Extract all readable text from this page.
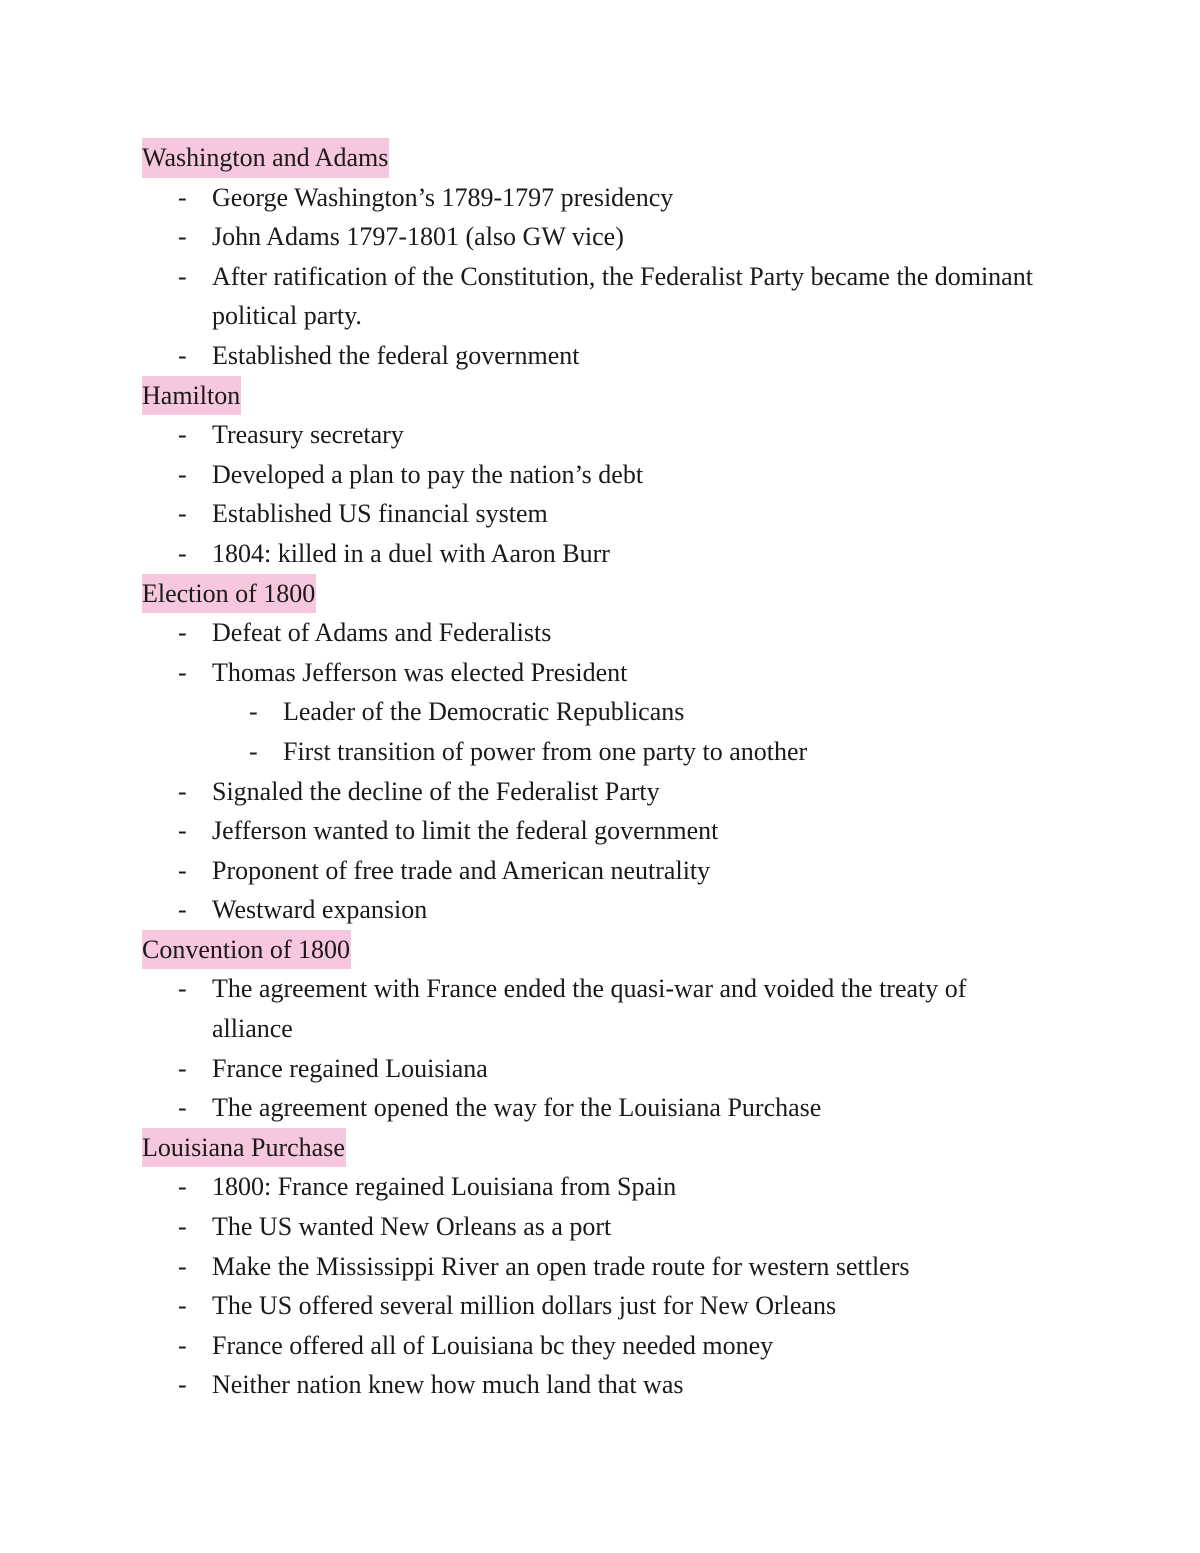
Washington and Adams
- George Washington’s 1789-1797 presidency
- John Adams 1797-1801 (also GW vice)
- After ratification of the Constitution, the Federalist Party became the dominant political party.
- Established the federal government
Hamilton
- Treasury secretary
- Developed a plan to pay the nation’s debt
- Established US financial system
- 1804: killed in a duel with Aaron Burr
Election of 1800
- Defeat of Adams and Federalists
- Thomas Jefferson was elected President
- Leader of the Democratic Republicans
- First transition of power from one party to another
- Signaled the decline of the Federalist Party
- Jefferson wanted to limit the federal government
- Proponent of free trade and American neutrality
- Westward expansion
Convention of 1800
- The agreement with France ended the quasi-war and voided the treaty of alliance
- France regained Louisiana
- The agreement opened the way for the Louisiana Purchase
Louisiana Purchase
- 1800: France regained Louisiana from Spain
- The US wanted New Orleans as a port
- Make the Mississippi River an open trade route for western settlers
- The US offered several million dollars just for New Orleans
- France offered all of Louisiana bc they needed money
- Neither nation knew how much land that was
